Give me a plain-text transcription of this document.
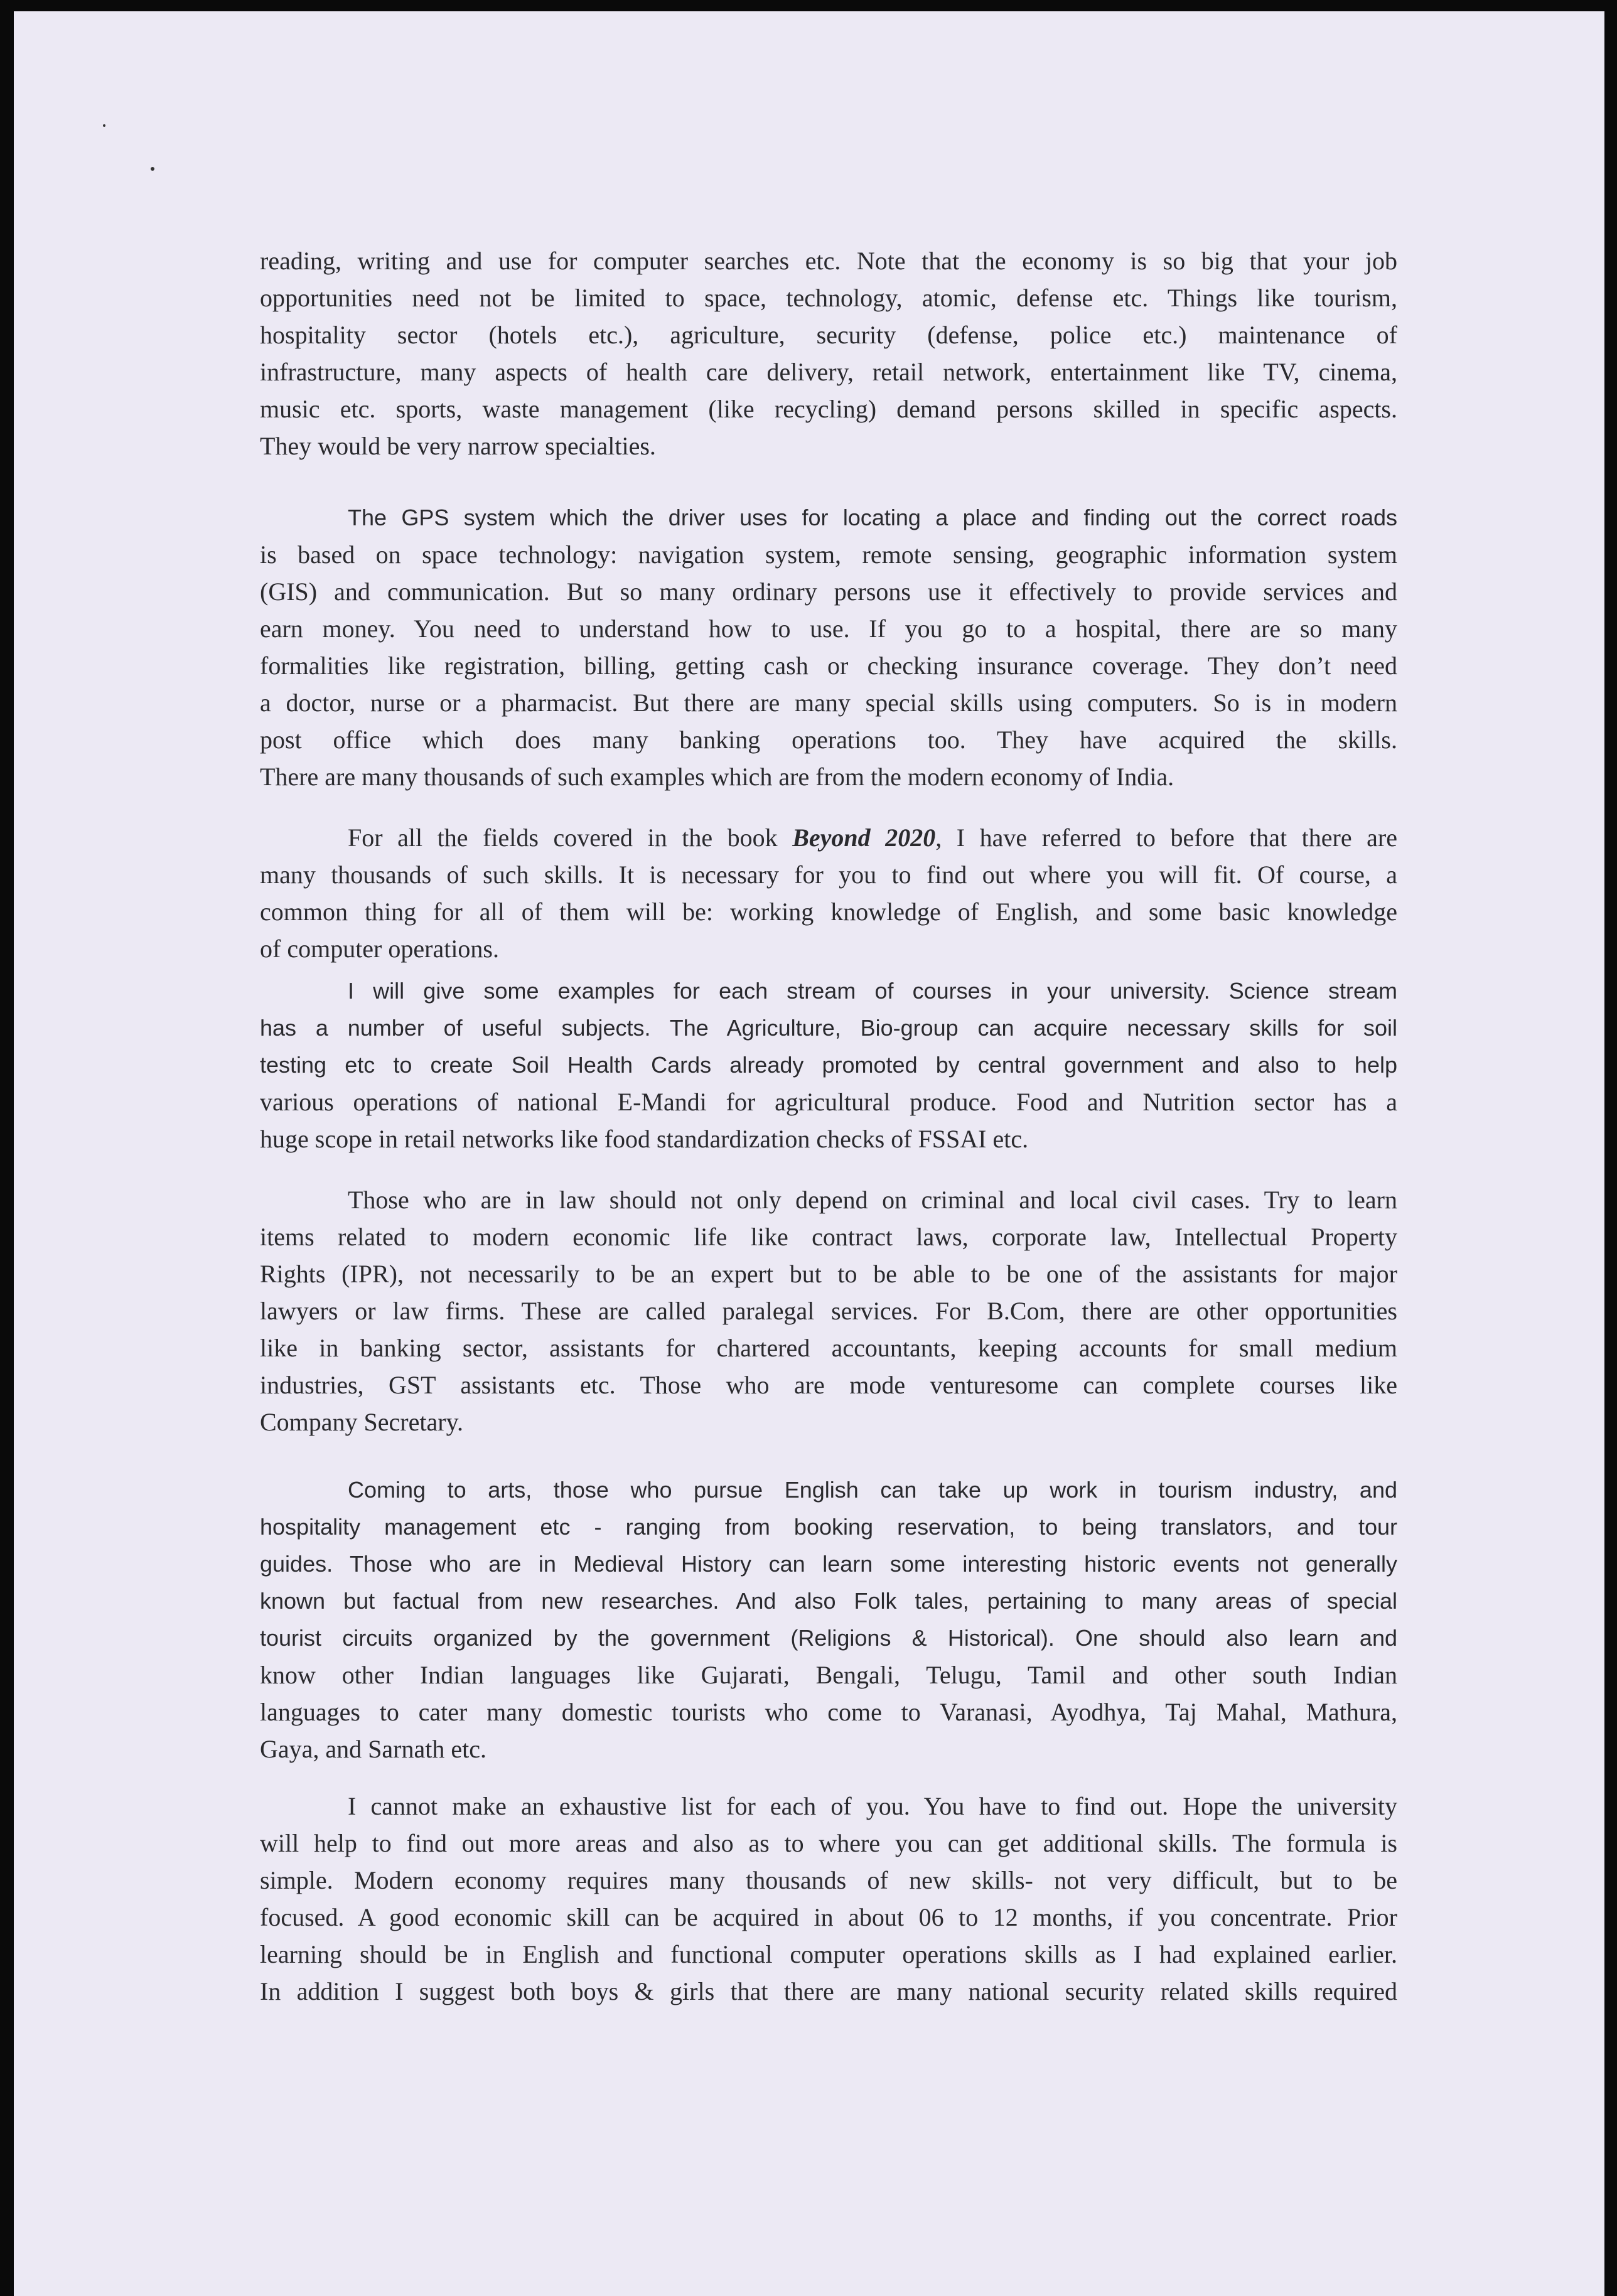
reading, writing and use for computer searches etc. Note that the economy is so big that your job
opportunities need not be limited to space, technology, atomic, defense etc. Things like tourism,
hospitality sector (hotels etc.), agriculture, security (defense, police etc.) maintenance of
infrastructure, many aspects of health care delivery, retail network, entertainment like TV, cinema,
music etc. sports, waste management (like recycling) demand persons skilled in specific aspects.
They would be very narrow specialties.
The GPS system which the driver uses for locating a place and finding out the correct roads
is based on space technology: navigation system, remote sensing, geographic information system
(GIS) and communication. But so many ordinary persons use it effectively to provide services and
earn money. You need to understand how to use. If you go to a hospital, there are so many
formalities like registration, billing, getting cash or checking insurance coverage. They don’t need
a doctor, nurse or a pharmacist. But there are many special skills using computers. So is in modern
post office which does many banking operations too. They have acquired the skills.
There are many thousands of such examples which are from the modern economy of India.
For all the fields covered in the book Beyond 2020, I have referred to before that there are
many thousands of such skills. It is necessary for you to find out where you will fit. Of course, a
common thing for all of them will be: working knowledge of English, and some basic knowledge
of computer operations.
I will give some examples for each stream of courses in your university. Science stream
has a number of useful subjects. The Agriculture, Bio-group can acquire necessary skills for soil
testing etc to create Soil Health Cards already promoted by central government and also to help
various operations of national E-Mandi for agricultural produce. Food and Nutrition sector has a
huge scope in retail networks like food standardization checks of FSSAI etc.
Those who are in law should not only depend on criminal and local civil cases. Try to learn
items related to modern economic life like contract laws, corporate law, Intellectual Property
Rights (IPR), not necessarily to be an expert but to be able to be one of the assistants for major
lawyers or law firms. These are called paralegal services. For B.Com, there are other opportunities
like in banking sector, assistants for chartered accountants, keeping accounts for small medium
industries, GST assistants etc. Those who are mode venturesome can complete courses like
Company Secretary.
Coming to arts, those who pursue English can take up work in tourism industry, and
hospitality management etc - ranging from booking reservation, to being translators, and tour
guides. Those who are in Medieval History can learn some interesting historic events not generally
known but factual from new researches. And also Folk tales, pertaining to many areas of special
tourist circuits organized by the government (Religions & Historical). One should also learn and
know other Indian languages like Gujarati, Bengali, Telugu, Tamil and other south Indian
languages to cater many domestic tourists who come to Varanasi, Ayodhya, Taj Mahal, Mathura,
Gaya, and Sarnath etc.
I cannot make an exhaustive list for each of you. You have to find out. Hope the university
will help to find out more areas and also as to where you can get additional skills. The formula is
simple. Modern economy requires many thousands of new skills- not very difficult, but to be
focused. A good economic skill can be acquired in about 06 to 12 months, if you concentrate. Prior
learning should be in English and functional computer operations skills as I had explained earlier.
In addition I suggest both boys & girls that there are many national security related skills required
